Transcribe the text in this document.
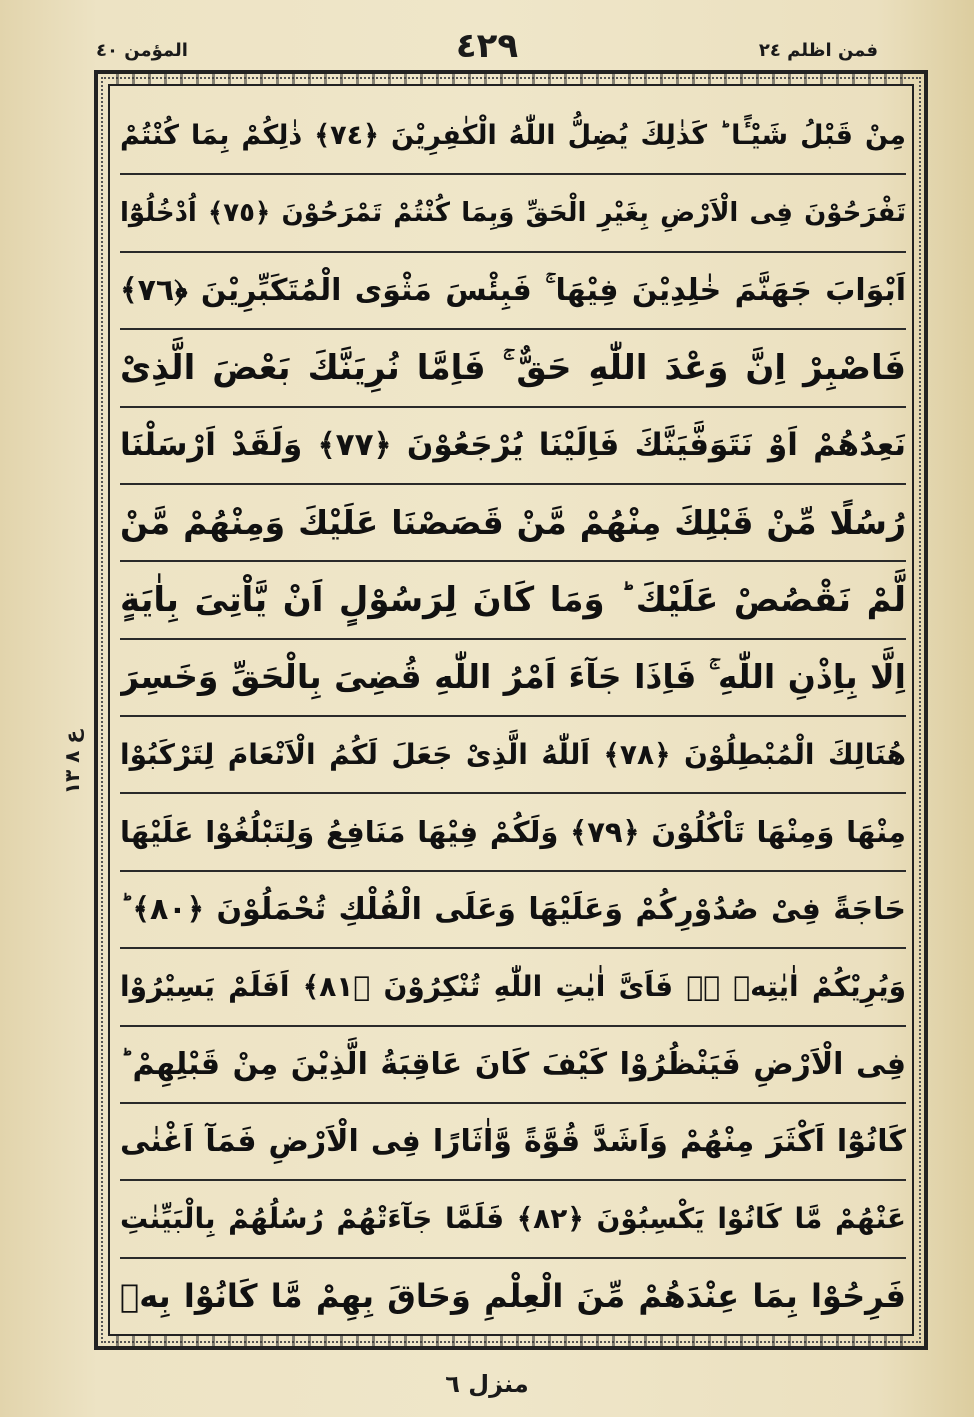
فمن اظلم ٢٤
٤٢٩
المؤمن ٤٠
مِنْ قَبْلُ شَيْـًٔا ؕ كَذٰلِكَ يُضِلُّ اللّٰهُ الْكٰفِرِيْنَ ﴿٧٤﴾ ذٰلِكُمْ بِمَا كُنْتُمْ
تَفْرَحُوْنَ فِى الْاَرْضِ بِغَيْرِ الْحَقِّ وَبِمَا كُنْتُمْ تَمْرَحُوْنَ ﴿٧٥﴾ اُدْخُلُوْٓا
اَبْوَابَ جَهَنَّمَ خٰلِدِيْنَ فِيْهَا ۚ فَبِئْسَ مَثْوَى الْمُتَكَبِّرِيْنَ ﴿٧٦﴾
فَاصْبِرْ اِنَّ وَعْدَ اللّٰهِ حَقٌّ ۚ فَاِمَّا نُرِيَنَّكَ بَعْضَ الَّذِىْ
نَعِدُهُمْ اَوْ نَتَوَفَّيَنَّكَ فَاِلَيْنَا يُرْجَعُوْنَ ﴿٧٧﴾ وَلَقَدْ اَرْسَلْنَا
رُسُلًا مِّنْ قَبْلِكَ مِنْهُمْ مَّنْ قَصَصْنَا عَلَيْكَ وَمِنْهُمْ مَّنْ
لَّمْ نَقْصُصْ عَلَيْكَ ؕ وَمَا كَانَ لِرَسُوْلٍ اَنْ يَّاْتِىَ بِاٰيَةٍ
اِلَّا بِاِذْنِ اللّٰهِ ۚ فَاِذَا جَآءَ اَمْرُ اللّٰهِ قُضِىَ بِالْحَقِّ وَخَسِرَ
هُنَالِكَ الْمُبْطِلُوْنَ ﴿٧٨﴾ اَللّٰهُ الَّذِىْ جَعَلَ لَكُمُ الْاَنْعَامَ لِتَرْكَبُوْا
مِنْهَا وَمِنْهَا تَاْكُلُوْنَ ﴿٧٩﴾ وَلَكُمْ فِيْهَا مَنَافِعُ وَلِتَبْلُغُوْا عَلَيْهَا
حَاجَةً فِىْ صُدُوْرِكُمْ وَعَلَيْهَا وَعَلَى الْفُلْكِ تُحْمَلُوْنَ ﴿٨٠﴾ ؕ
وَيُرِيْكُمْ اٰيٰتِهٖ ۖۗ فَاَىَّ اٰيٰتِ اللّٰهِ تُنْكِرُوْنَ ﴿٨١﴾ اَفَلَمْ يَسِيْرُوْا
فِى الْاَرْضِ فَيَنْظُرُوْا كَيْفَ كَانَ عَاقِبَةُ الَّذِيْنَ مِنْ قَبْلِهِمْ ؕ
كَانُوْٓا اَكْثَرَ مِنْهُمْ وَاَشَدَّ قُوَّةً وَّاٰثَارًا فِى الْاَرْضِ فَمَآ اَغْنٰى
عَنْهُمْ مَّا كَانُوْا يَكْسِبُوْنَ ﴿٨٢﴾ فَلَمَّا جَآءَتْهُمْ رُسُلُهُمْ بِالْبَيِّنٰتِ
فَرِحُوْا بِمَا عِنْدَهُمْ مِّنَ الْعِلْمِ وَحَاقَ بِهِمْ مَّا كَانُوْا بِهٖ
ع ٨ ١٣
منزل ٦
